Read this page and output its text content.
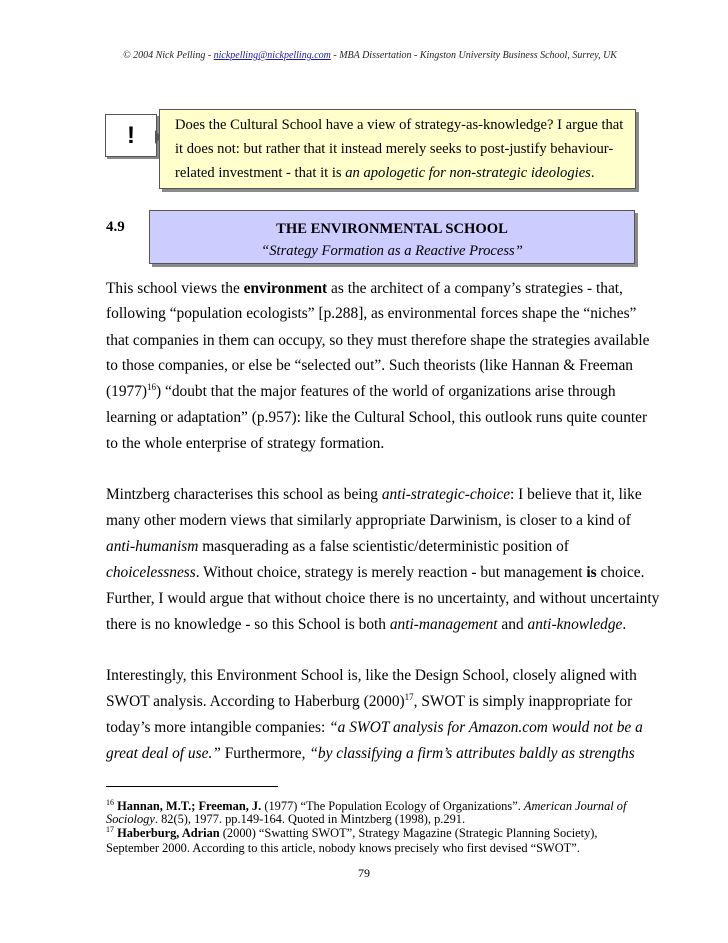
© 2004 Nick Pelling - nickpelling@nickpelling.com - MBA Dissertation - Kingston University Business School, Surrey, UK
!	Does the Cultural School have a view of strategy-as-knowledge? I argue that
it does not: but rather that it instead merely seeks to post-justify behaviour-
related investment - that it is an apologetic for non-strategic ideologies.
4.9	THE ENVIRONMENTAL SCHOOL
“Strategy Formation as a Reactive Process”
This school views the environment as the architect of a company’s strategies - that,
following “population ecologists” [p.288], as environmental forces shape the “niches”
that companies in them can occupy, so they must therefore shape the strategies available
to those companies, or else be “selected out”. Such theorists (like Hannan & Freeman
$(1977)^{16}$) “doubt that the major features of the world of organizations arise through
learning or adaptation” (p.957): like the Cultural School, this outlook runs quite counter
to the whole enterprise of strategy formation.
Mintzberg characterises this school as being anti-strategic-choice: I believe that it, like
many other modern views that similarly appropriate Darwinism, is closer to a kind of
anti-humanism masquerading as a false scientistic/deterministic position of
choicelessness. Without choice, strategy is merely reaction - but management is choice.
Further, I would argue that without choice there is no uncertainty, and without uncertainty
there is no knowledge - so this School is both anti-management and anti-knowledge.
Interestingly, this Environment School is, like the Design School, closely aligned with
SWOT analysis. According to Haberburg $(2000)^{17}$, SWOT is simply inappropriate for
today’s more intangible companies: “a SWOT analysis for Amazon.com would not be a
great deal of use.” Furthermore, “by classifying a firm’s attributes baldly as strengths
$^{16}$ Hannan, M.T.; Freeman, J. (1977) “The Population Ecology of Organizations”. American Journal of
Sociology. 82(5), 1977. pp.149-164. Quoted in Mintzberg (1998), p.291.
$^{17}$ Haberburg, Adrian (2000) “Swatting SWOT”, Strategy Magazine (Strategic Planning Society),
September 2000. According to this article, nobody knows precisely who first devised “SWOT”.
79
